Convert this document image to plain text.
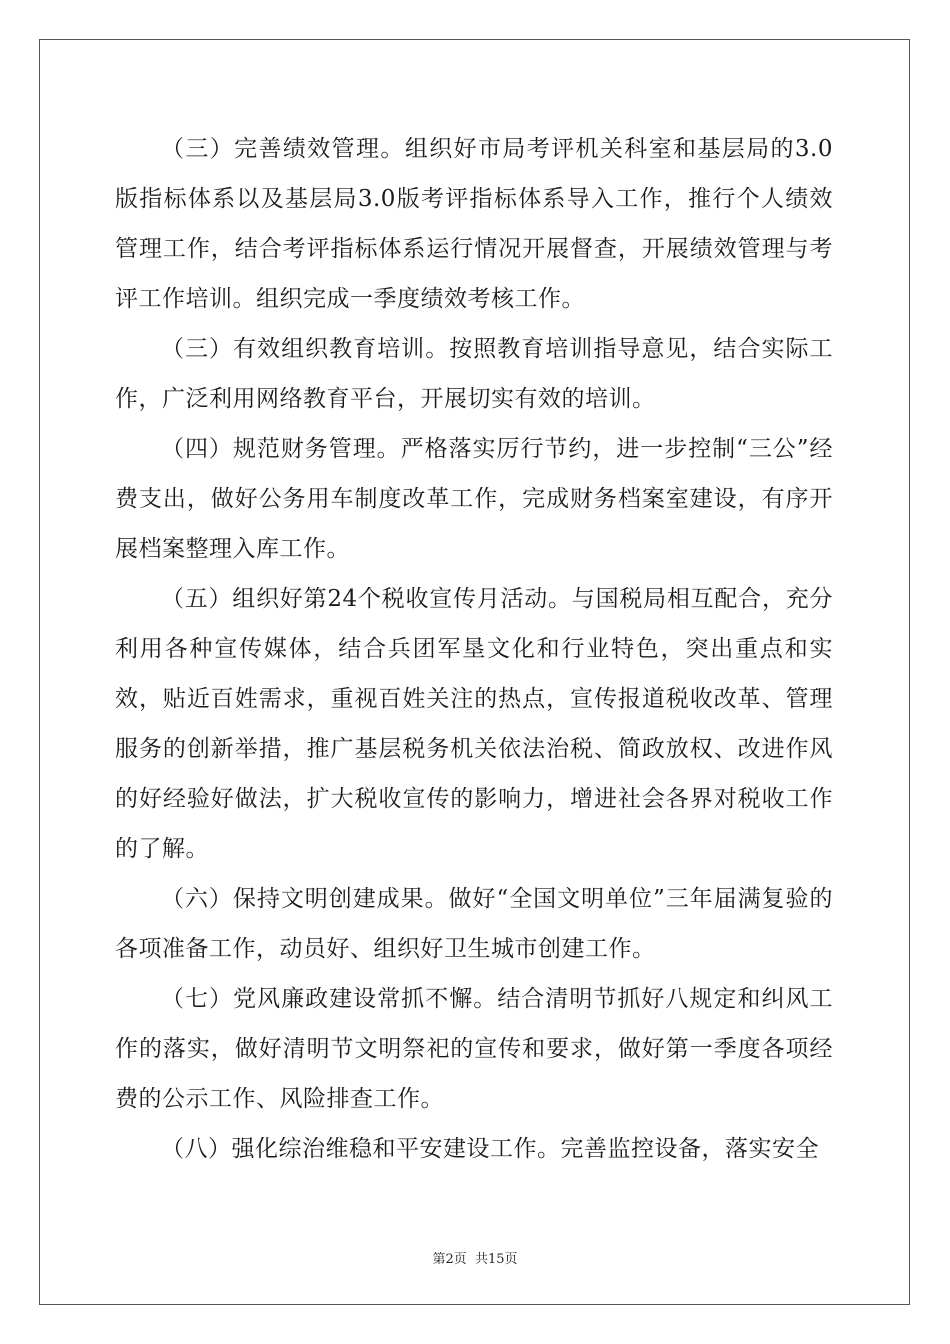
（三）完善绩效管理。组织好市局考评机关科室和基层局的3.0版指标体系以及基层局3.0版考评指标体系导入工作，推行个人绩效管理工作，结合考评指标体系运行情况开展督查，开展绩效管理与考评工作培训。组织完成一季度绩效考核工作。

（三）有效组织教育培训。按照教育培训指导意见，结合实际工作，广泛利用网络教育平台，开展切实有效的培训。

（四）规范财务管理。严格落实厉行节约，进一步控制“三公”经费支出，做好公务用车制度改革工作，完成财务档案室建设，有序开展档案整理入库工作。

（五）组织好第24个税收宣传月活动。与国税局相互配合，充分利用各种宣传媒体，结合兵团军垦文化和行业特色，突出重点和实效，贴近百姓需求，重视百姓关注的热点，宣传报道税收改革、管理服务的创新举措，推广基层税务机关依法治税、简政放权、改进作风的好经验好做法，扩大税收宣传的影响力，增进社会各界对税收工作的了解。

（六）保持文明创建成果。做好“全国文明单位”三年届满复验的各项准备工作，动员好、组织好卫生城市创建工作。

（七）党风廉政建设常抓不懈。结合清明节抓好八规定和纠风工作的落实，做好清明节文明祭祀的宣传和要求，做好第一季度各项经费的公示工作、风险排查工作。

（八）强化综治维稳和平安建设工作。完善监控设备，落实安全

第2页 共15页
